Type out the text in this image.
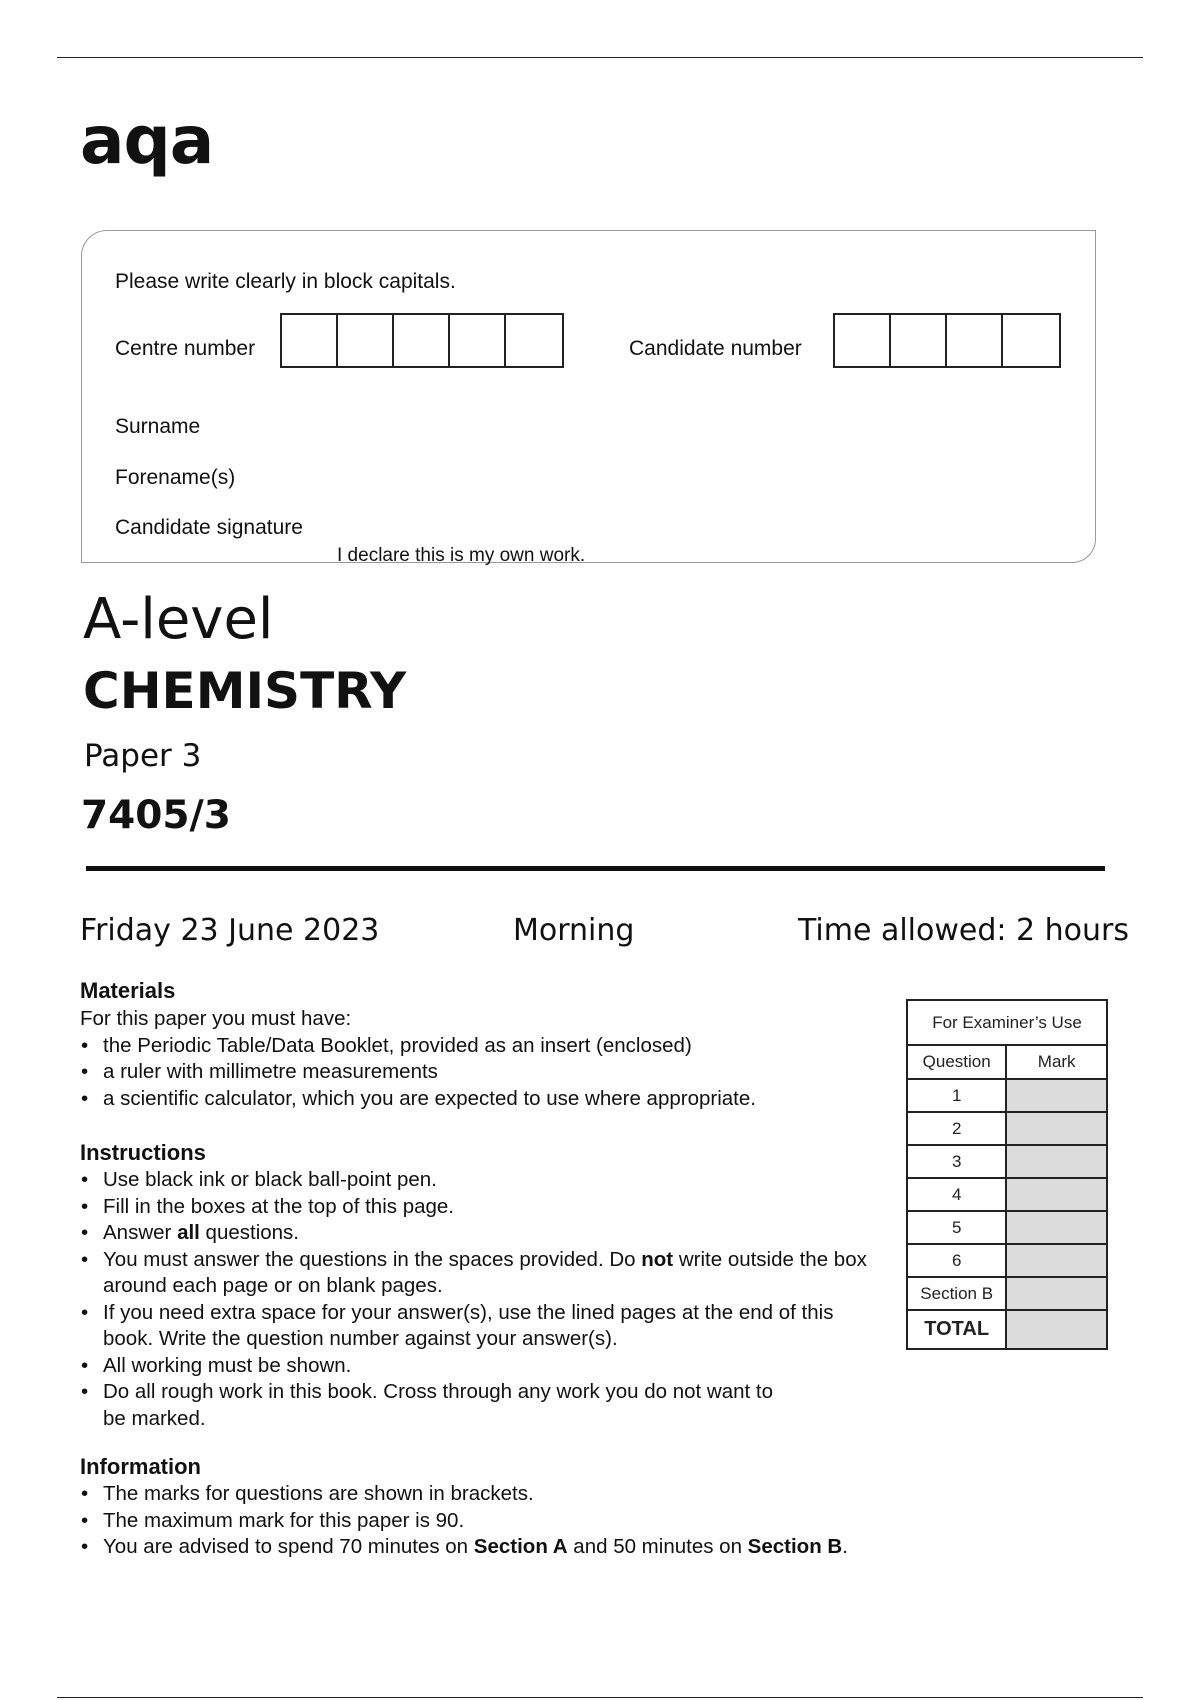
aqa
Please write clearly in block capitals.
Centre number	Candidate number
Surname
Forename(s)
Candidate signature
I declare this is my own work.
A-level
CHEMISTRY
Paper 3
7405/3
Friday 23 June 2023	Morning	Time allowed: 2 hours
Materials
For this paper you must have:
• the Periodic Table/Data Booklet, provided as an insert (enclosed)
• a ruler with millimetre measurements
• a scientific calculator, which you are expected to use where appropriate.
Instructions
• Use black ink or black ball-point pen.
• Fill in the boxes at the top of this page.
• Answer all questions.
• You must answer the questions in the spaces provided. Do not write outside the box around each page or on blank pages.
• If you need extra space for your answer(s), use the lined pages at the end of this book. Write the question number against your answer(s).
• All working must be shown.
• Do all rough work in this book. Cross through any work you do not want to be marked.
Information
• The marks for questions are shown in brackets.
• The maximum mark for this paper is 90.
• You are advised to spend 70 minutes on Section A and 50 minutes on Section B.
For Examiner’s Use	
Question	Mark
1	
2	
3	
4	
5	
6	
Section B	
TOTAL	
